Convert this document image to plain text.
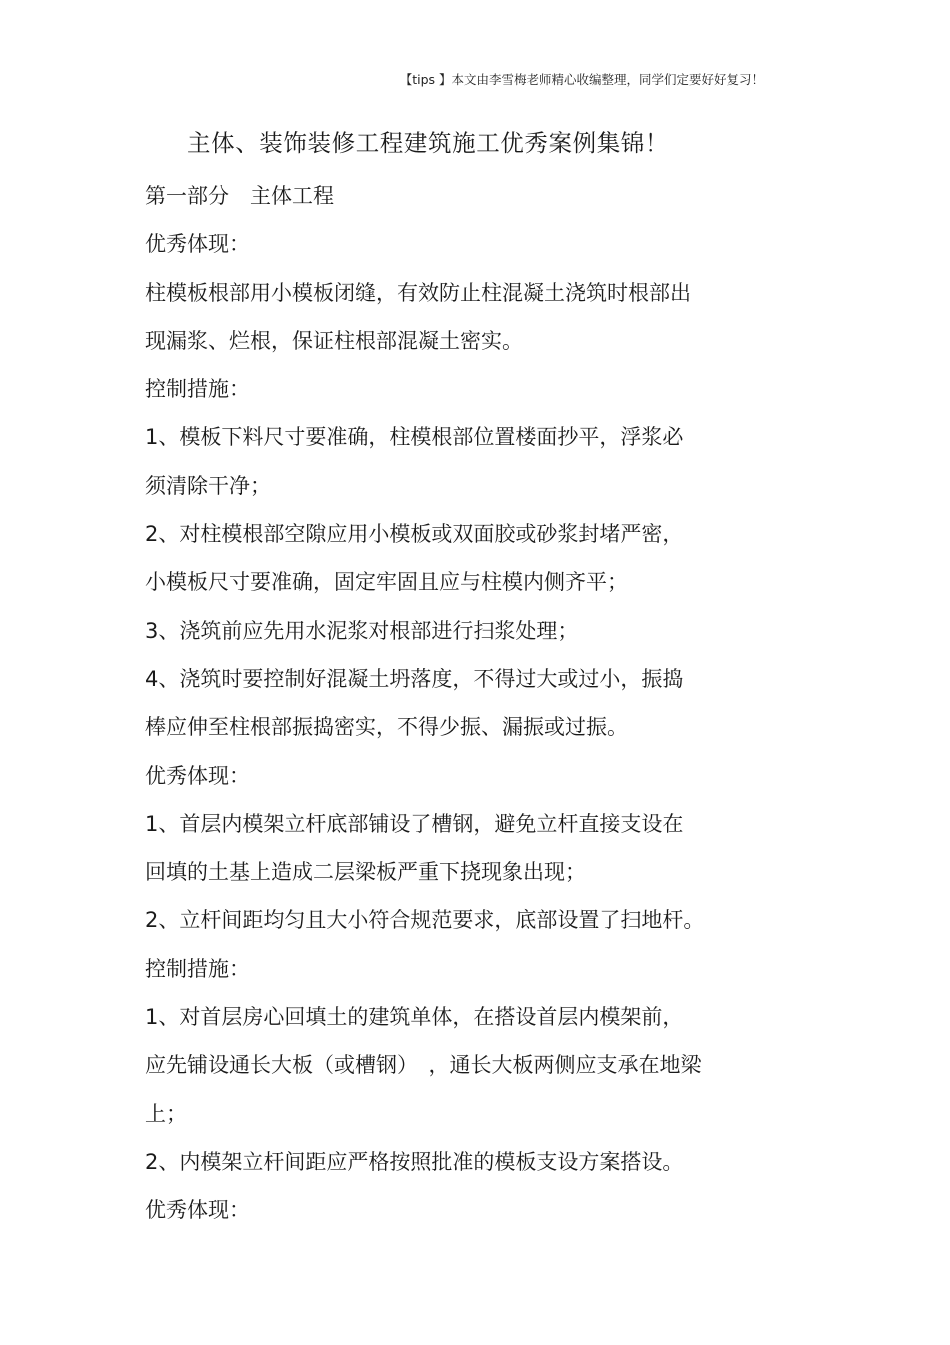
【tips 】本文由李雪梅老师精心收编整理，同学们定要好好复习！
主体、装饰装修工程建筑施工优秀案例集锦！
第一部分　主体工程
优秀体现：
柱模板根部用小模板闭缝，有效防止柱混凝土浇筑时根部出
现漏浆、烂根，保证柱根部混凝土密实。
控制措施：
1、模板下料尺寸要准确，柱模根部位置楼面抄平，浮浆必
须清除干净；
2、对柱模根部空隙应用小模板或双面胶或砂浆封堵严密，
小模板尺寸要准确，固定牢固且应与柱模内侧齐平；
3、浇筑前应先用水泥浆对根部进行扫浆处理；
4、浇筑时要控制好混凝土坍落度，不得过大或过小，振捣
棒应伸至柱根部振捣密实，不得少振、漏振或过振。
优秀体现：
1、首层内模架立杆底部铺设了槽钢，避免立杆直接支设在
回填的土基上造成二层梁板严重下挠现象出现；
2、立杆间距均匀且大小符合规范要求，底部设置了扫地杆。
控制措施：
1、对首层房心回填土的建筑单体，在搭设首层内模架前，
应先铺设通长大板（或槽钢）　，通长大板两侧应支承在地梁
上；
2、内模架立杆间距应严格按照批准的模板支设方案搭设。
优秀体现：
